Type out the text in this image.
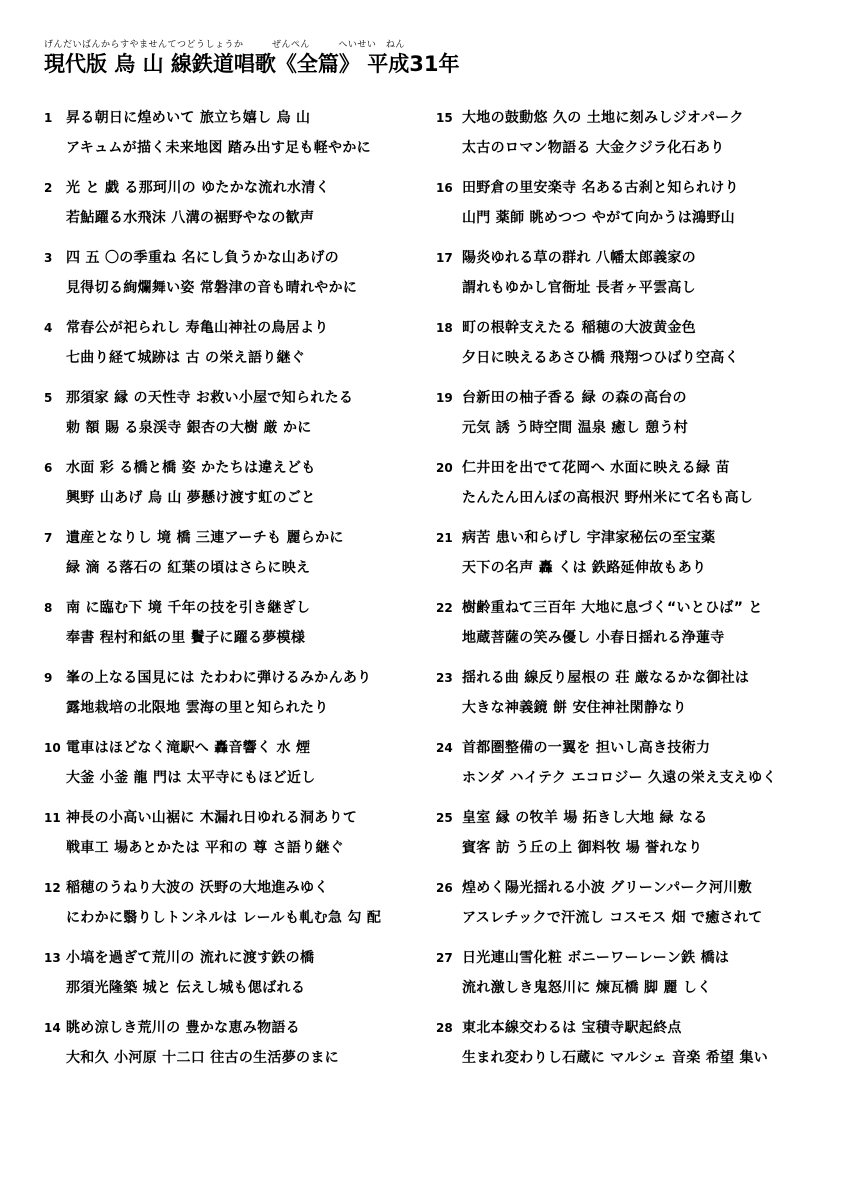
げんだいばんからすやませんてつどうしょうか　　　ぜんぺん　　　へいせい　ねん
現代版 烏 山 線鉄道唱歌《全篇》 平成31年
1 昇る朝日に煌めいて 旅立ち嬉し 烏 山
アキュムが描く未来地図 踏み出す足も軽やかに
2 光 と 戯 る那珂川の ゆたかな流れ水清く
若鮎躍る水飛沫 八溝の裾野やなの歓声
3 四 五 〇の季重ね 名にし負うかな山あげの
見得切る絢爛舞い姿 常磐津の音も晴れやかに
4 常春公が祀られし 寿亀山神社の鳥居より
七曲り経て城跡は 古 の栄え語り継ぐ
5 那須家 縁 の天性寺 お救い小屋で知られたる
勅 額 賜 る泉渓寺 銀杏の大樹 厳 かに
6 水面 彩 る橋と橋 姿 かたちは違えども
興野 山あげ 烏 山 夢懸け渡す虹のごと
7 遺産となりし 境 橋 三連アーチも 麗らかに
緑 滴 る落石の 紅葉の頃はさらに映え
8 南 に臨む下 境 千年の技を引き継ぎし
奉書 程村和紙の里 鬢子に躍る夢模様
9 峯の上なる国見には たわわに弾けるみかんあり
露地栽培の北限地 雲海の里と知られたり
10 電車はほどなく滝駅へ 轟音響く 水 煙
大釜 小釜 龍 門は 太平寺にもほど近し
11 神長の小高い山裾に 木漏れ日ゆれる洞ありて
戦車工 場あとかたは 平和の 尊 さ語り継ぐ
12 稲穂のうねり大波の 沃野の大地進みゆく
にわかに翳りしトンネルは レールも軋む急 勾 配
13 小塙を過ぎて荒川の 流れに渡す鉄の橋
那須光隆築 城と 伝えし城も偲ばれる
14 眺め涼しき荒川の 豊かな恵み物語る
大和久 小河原 十二口 往古の生活夢のまに
15 大地の鼓動悠 久の 土地に刻みしジオパーク
太古のロマン物語る 大金クジラ化石あり
16 田野倉の里安楽寺 名ある古刹と知られけり
山門 薬師 眺めつつ やがて向かうは鴻野山
17 陽炎ゆれる草の群れ 八幡太郎義家の
謂れもゆかし官衙址 長者ヶ平雲高し
18 町の根幹支えたる 稲穂の大波黄金色
夕日に映えるあさひ橋 飛翔つひばり空高く
19 台新田の柚子香る 緑 の森の高台の
元気 誘 う時空間 温泉 癒し 憩う村
20 仁井田を出でて花岡へ 水面に映える緑 苗
たんたん田んぼの高根沢 野州米にて名も高し
21 病苦 患い和らげし 宇津家秘伝の至宝薬
天下の名声 轟 くは 鉄路延伸故もあり
22 樹齢重ねて三百年 大地に息づく“いとひば” と
地蔵菩薩の笑み優し 小春日揺れる浄蓮寺
23 揺れる曲 線反り屋根の 荘 厳なるかな御社は
大きな神義鏡 餅 安住神社閑静なり
24 首都圏整備の一翼を 担いし高き技術力
ホンダ ハイテク エコロジー 久遠の栄え支えゆく
25 皇室 縁 の牧羊 場 拓きし大地 緑 なる
賓客 訪 う丘の上 御料牧 場 誉れなり
26 煌めく陽光揺れる小波 グリーンパーク河川敷
アスレチックで汗流し コスモス 畑 で癒されて
27 日光連山雪化粧 ボニーワーレーン鉄 橋は
流れ激しき鬼怒川に 煉瓦橋 脚 麗 しく
28 東北本線交わるは 宝積寺駅起終点
生まれ変わりし石蔵に マルシェ 音楽 希望 集い
